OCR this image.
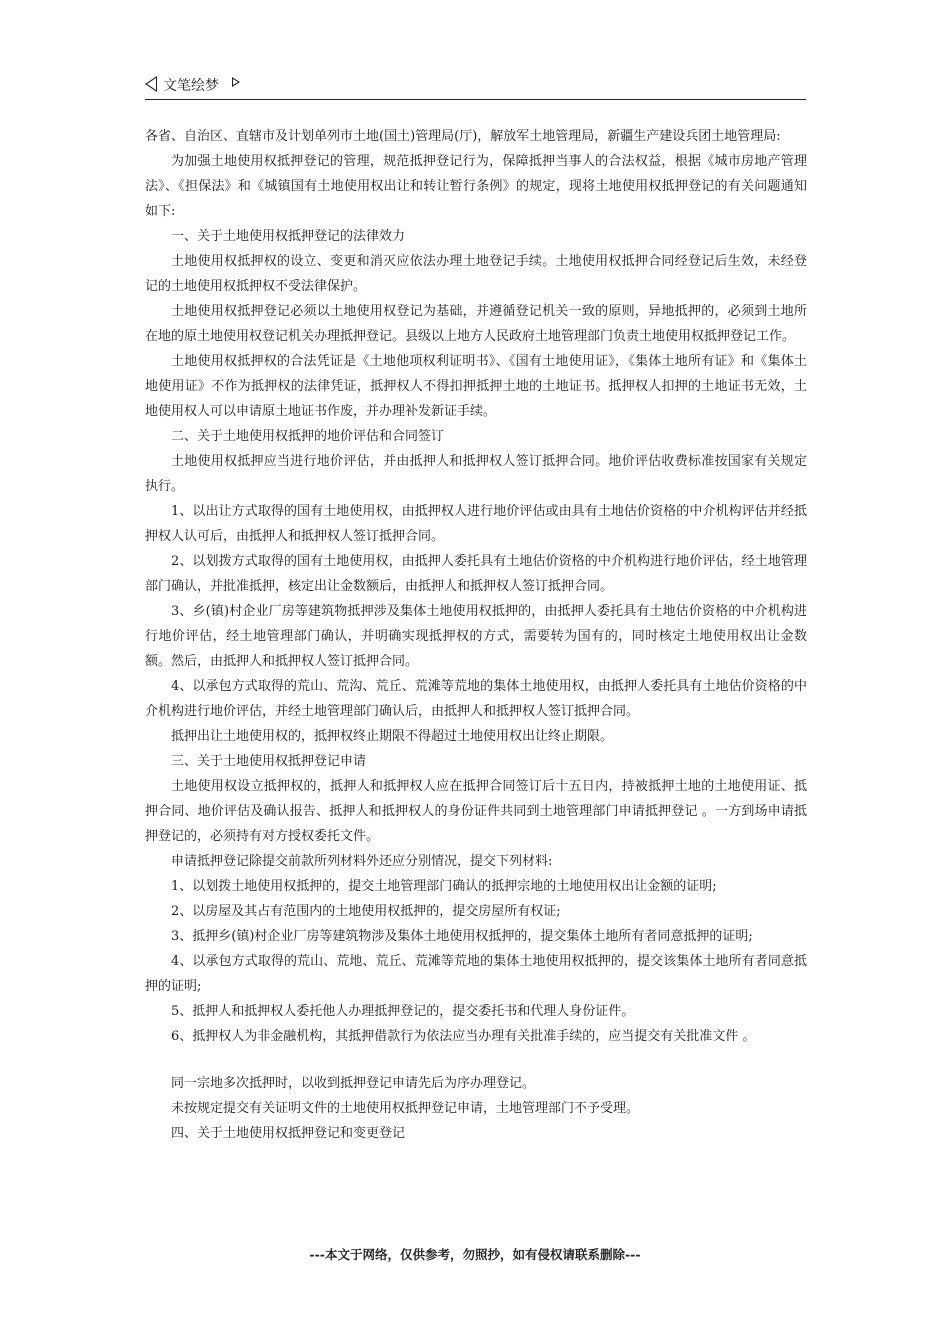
文笔绘梦

各省、自治区、直辖市及计划单列市土地(国土)管理局(厅)，解放军土地管理局，新疆生产建设兵团土地管理局:

为加强土地使用权抵押登记的管理，规范抵押登记行为，保障抵押当事人的合法权益，根据《城市房地产管理法》、《担保法》和《城镇国有土地使用权出让和转让暂行条例》的规定，现将土地使用权抵押登记的有关问题通知如下:

一、关于土地使用权抵押登记的法律效力

土地使用权抵押权的设立、变更和消灭应依法办理土地登记手续。土地使用权抵押合同经登记后生效，未经登记的土地使用权抵押权不受法律保护。

土地使用权抵押登记必须以土地使用权登记为基础，并遵循登记机关一致的原则，异地抵押的，必须到土地所在地的原土地使用权登记机关办理抵押登记。县级以上地方人民政府土地管理部门负责土地使用权抵押登记工作。

土地使用权抵押权的合法凭证是《土地他项权利证明书》、《国有土地使用证》，《集体土地所有证》和《集体土地使用证》不作为抵押权的法律凭证，抵押权人不得扣押抵押土地的土地证书。抵押权人扣押的土地证书无效，土地使用权人可以申请原土地证书作废，并办理补发新证手续。

二、关于土地使用权抵押的地价评估和合同签订

土地使用权抵押应当进行地价评估，并由抵押人和抵押权人签订抵押合同。地价评估收费标准按国家有关规定执行。

1、以出让方式取得的国有土地使用权，由抵押权人进行地价评估或由具有土地估价资格的中介机构评估并经抵押权人认可后，由抵押人和抵押权人签订抵押合同。

2、以划拨方式取得的国有土地使用权，由抵押人委托具有土地估价资格的中介机构进行地价评估，经土地管理部门确认，并批准抵押，核定出让金数额后，由抵押人和抵押权人签订抵押合同。

3、乡(镇)村企业厂房等建筑物抵押涉及集体土地使用权抵押的，由抵押人委托具有土地估价资格的中介机构进行地价评估，经土地管理部门确认，并明确实现抵押权的方式，需要转为国有的，同时核定土地使用权出让金数额。然后，由抵押人和抵押权人签订抵押合同。

4、以承包方式取得的荒山、荒沟、荒丘、荒滩等荒地的集体土地使用权，由抵押人委托具有土地估价资格的中介机构进行地价评估，并经土地管理部门确认后，由抵押人和抵押权人签订抵押合同。

抵押出让土地使用权的，抵押权终止期限不得超过土地使用权出让终止期限。

三、关于土地使用权抵押登记申请

土地使用权设立抵押权的，抵押人和抵押权人应在抵押合同签订后十五日内，持被抵押土地的土地使用证、抵押合同、地价评估及确认报告、抵押人和抵押权人的身份证件共同到土地管理部门申请抵押登记 。一方到场申请抵押登记的，必须持有对方授权委托文件。

申请抵押登记除提交前款所列材料外还应分别情况，提交下列材料:

1、以划拨土地使用权抵押的，提交土地管理部门确认的抵押宗地的土地使用权出让金额的证明;

2、以房屋及其占有范围内的土地使用权抵押的，提交房屋所有权证;

3、抵押乡(镇)村企业厂房等建筑物涉及集体土地使用权抵押的，提交集体土地所有者同意抵押的证明;

4、以承包方式取得的荒山、荒地、荒丘、荒滩等荒地的集体土地使用权抵押的，提交该集体土地所有者同意抵押的证明;

5、抵押人和抵押权人委托他人办理抵押登记的，提交委托书和代理人身份证件。

6、抵押权人为非金融机构，其抵押借款行为依法应当办理有关批准手续的，应当提交有关批准文件 。

同一宗地多次抵押时，以收到抵押登记申请先后为序办理登记。

未按规定提交有关证明文件的土地使用权抵押登记申请，土地管理部门不予受理。

四、关于土地使用权抵押登记和变更登记

---本文于网络，仅供参考，勿照抄，如有侵权请联系删除---
